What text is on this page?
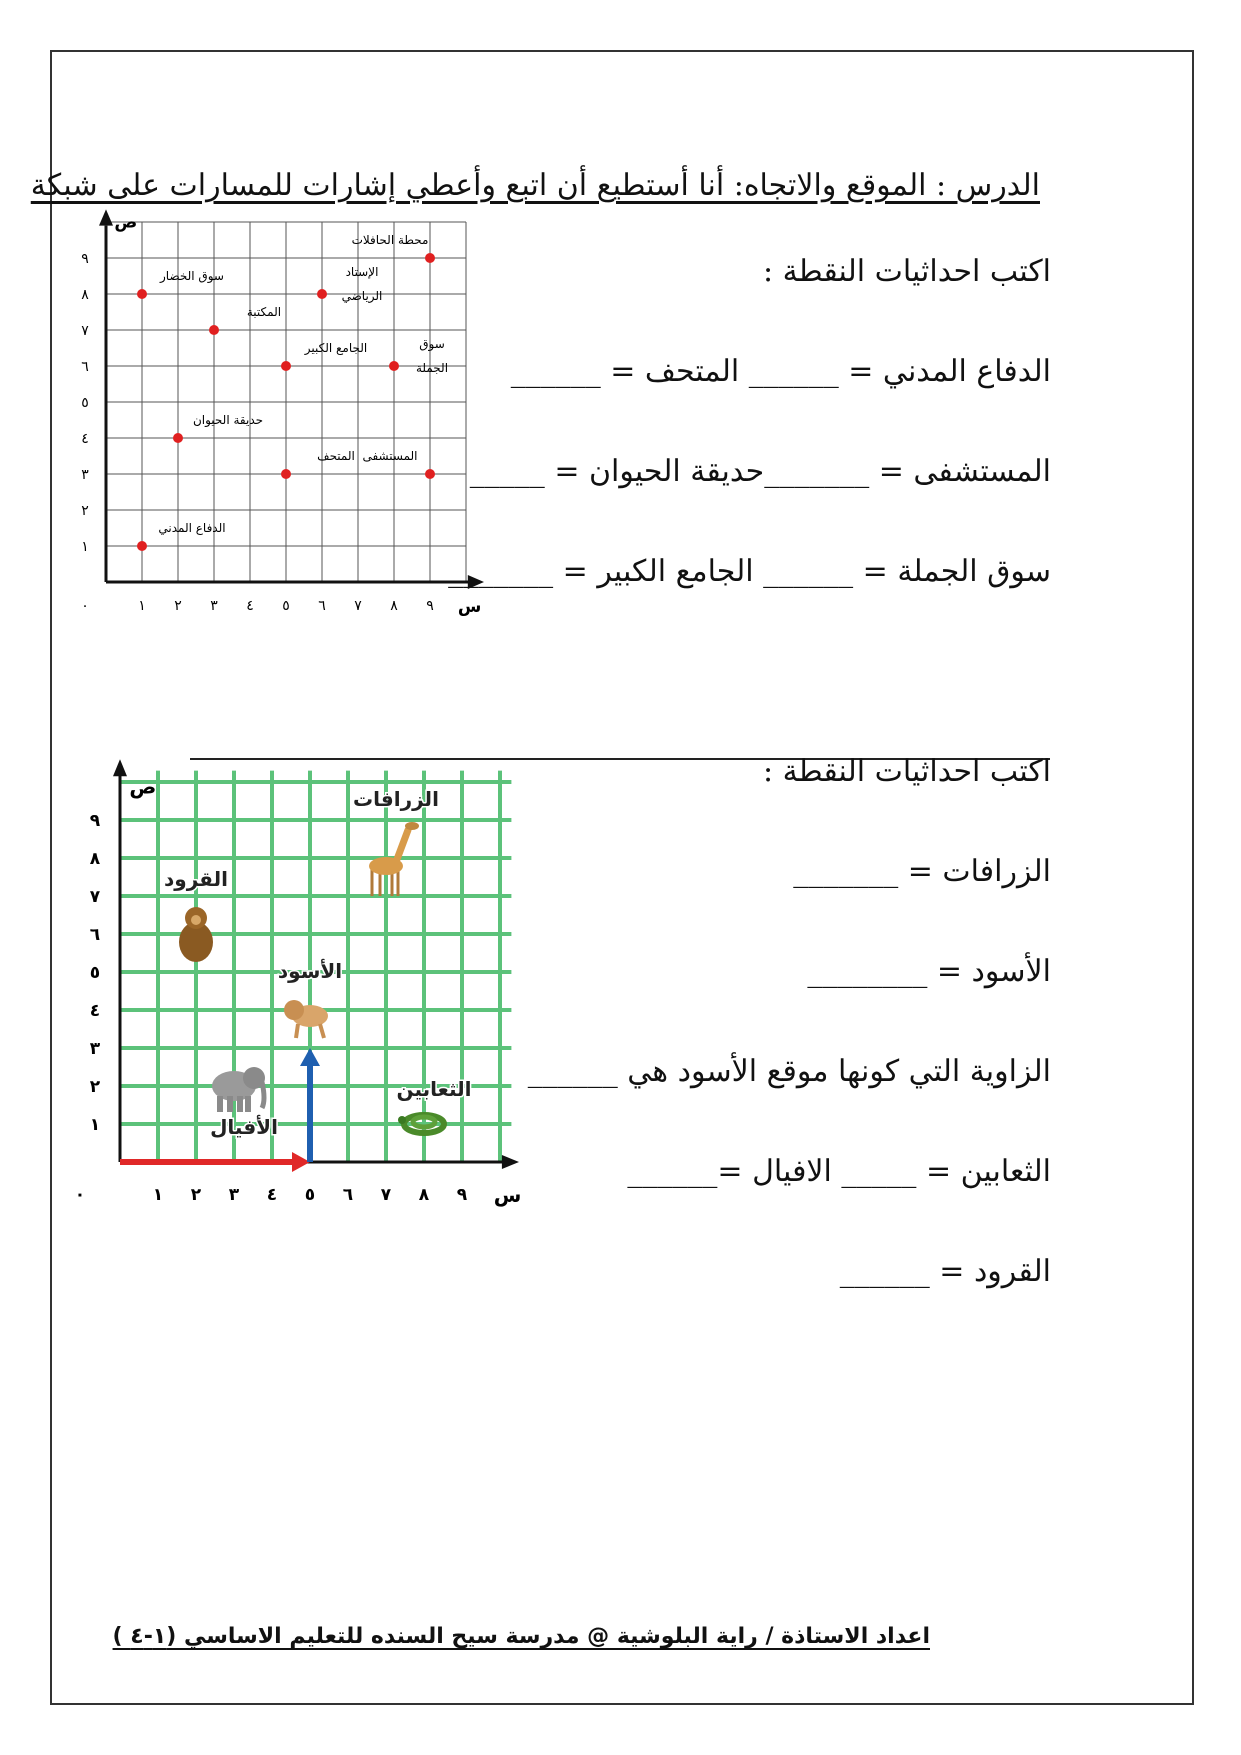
الدرس : الموقع والاتجاه: أنا أستطيع أن اتبع وأعطي إشارات للمسارات على شبكة
١ ٢ ٣ ٤ ٥ ٦ ٧ ٨ ٩
١
٢
٣
٤
٥
٦
٧
٨
٩
٠	س
ص
محطة الحافلات
سوق الخضار	الإستاد
الرياضي
المكتبة
الجامع الكبير	سوق
الجملة
حديقة الحيوان
المتحف المستشفى
الدفاع المدني
اكتب احداثيات النقطة :
الدفاع المدني = ______ المتحف = ______
المستشفى = _______حديقة الحيوان = _____
سوق الجملة = ______ الجامع الكبير = _______
١ ٢ ٣ ٤ ٥ ٦ ٧ ٨ ٩
١
٢
٣
٤
٥
٦
٧
٨
٩
٠	س
ص
الزرافات
القرود
الأسود
الأفيال
الثعابين
اكتب احداثيات النقطة :
الزرافات = _______
الأسود = ________
الزاوية التي كونها موقع الأسود هي ______
الثعابين = _____ الافيال =______
القرود = ______
اعداد الاستاذة / راية البلوشية @ مدرسة سيح السنده للتعليم الاساسي (١-٤ )
